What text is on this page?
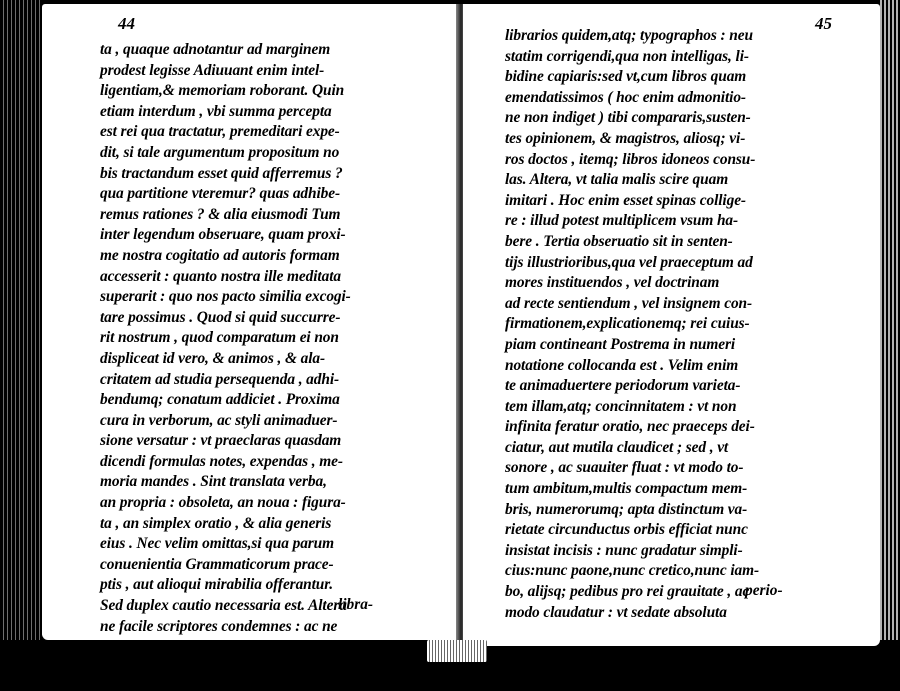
44
ta , quaque adnotantur ad marginem
prodest legisse Adiuuant enim intel-
ligentiam,& memoriam roborant. Quin
etiam interdum , vbi summa percepta
est rei qua tractatur, premeditari expe-
dit, si tale argumentum propositum no
bis tractandum esset quid afferremus ?
qua partitione vteremur? quas adhibe-
remus rationes ? & alia eiusmodi Tum
inter legendum obseruare, quam proxi-
me nostra cogitatio ad autoris formam
accesserit : quanto nostra ille meditata
superarit : quo nos pacto similia excogi-
tare possimus . Quod si quid succurre-
rit nostrum , quod comparatum ei non
displiceat id vero, & animos , & ala-
critatem ad studia persequenda , adhi-
bendumq; conatum addiciet . Proxima
cura in verborum, ac styli animaduer-
sione versatur : vt praeclaras quasdam
dicendi formulas notes, expendas , me-
moria mandes . Sint translata verba,
an propria : obsoleta, an noua : figura-
ta , an simplex oratio , & alia generis
eius . Nec velim omittas,si qua parum
conuenientia Grammaticorum prace-
ptis , aut alioqui mirabilia offerantur.
Sed duplex cautio necessaria est. Altera
ne facile scriptores condemnes : ac ne
libra-
45
librarios quidem,atq; typographos : neu
statim corrigendi,qua non intelligas, li-
bidine capiaris:sed vt,cum libros quam
emendatissimos ( hoc enim admonitio-
ne non indiget ) tibi compararis,susten-
tes opinionem, & magistros, aliosq; vi-
ros doctos , itemq; libros idoneos consu-
las. Altera, vt talia malis scire quam
imitari . Hoc enim esset spinas collige-
re : illud potest multiplicem vsum ha-
bere . Tertia obseruatio sit in senten-
tijs illustrioribus,qua vel praeceptum ad
mores instituendos , vel doctrinam
ad recte sentiendum , vel insignem con-
firmationem,explicationemq; rei cuius-
piam contineant Postrema in numeri
notatione collocanda est . Velim enim
te animaduertere periodorum varieta-
tem illam,atq; concinnitatem : vt non
infinita feratur oratio, nec praeceps dei-
ciatur, aut mutila claudicet ; sed , vt
sonore , ac suauiter fluat : vt modo to-
tum ambitum,multis compactum mem-
bris, numerorumq; apta distinctum va-
rietate circunductus orbis efficiat nunc
insistat incisis : nunc gradatur simpli-
cius:nunc paone,nunc cretico,nunc iam-
bo, alijsq; pedibus pro rei grauitate , ac
modo claudatur : vt sedate absoluta
perio-
